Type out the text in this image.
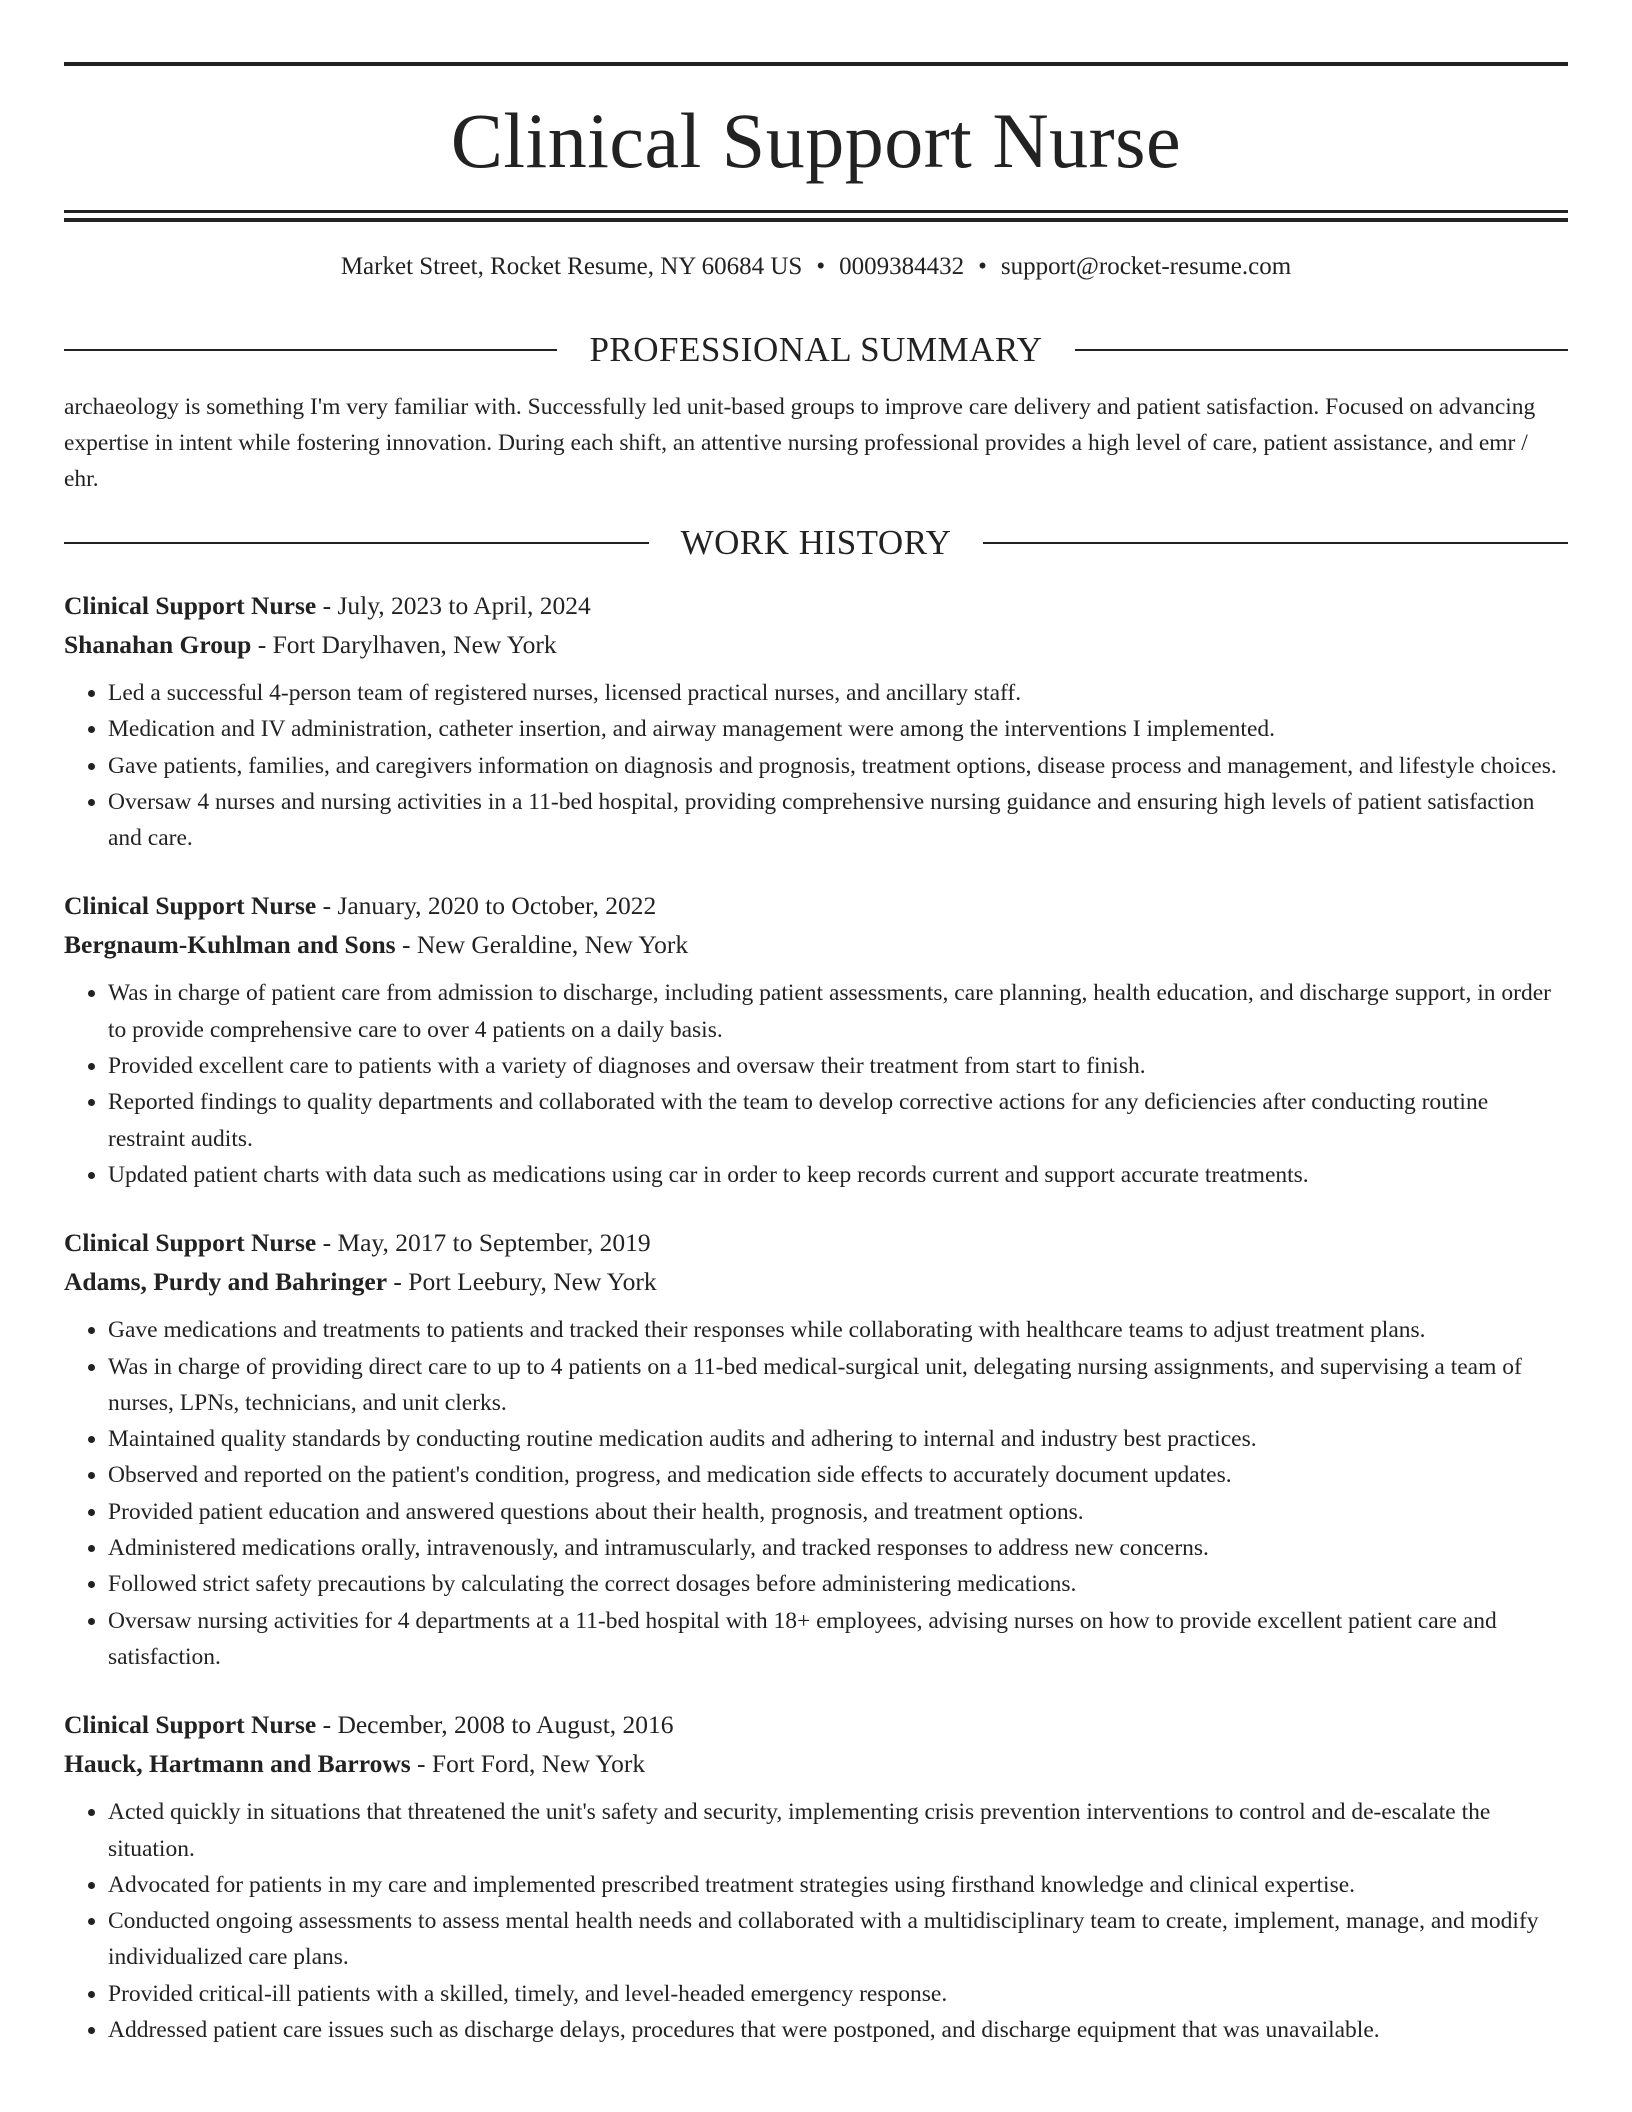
Clinical Support Nurse
Market Street, Rocket Resume, NY 60684 US • 0009384432 • support@rocket-resume.com
PROFESSIONAL SUMMARY

archaeology is something I'm very familiar with. Successfully led unit-based groups to improve care delivery and patient satisfaction. Focused on advancing expertise in intent while fostering innovation. During each shift, an attentive nursing professional provides a high level of care, patient assistance, and emr / ehr.

WORK HISTORY
Clinical Support Nurse - July, 2023 to April, 2024
Shanahan Group - Fort Darylhaven, New York
• Led a successful 4-person team of registered nurses, licensed practical nurses, and ancillary staff.
• Medication and IV administration, catheter insertion, and airway management were among the interventions I implemented.
• Gave patients, families, and caregivers information on diagnosis and prognosis, treatment options, disease process and management, and lifestyle choices.
• Oversaw 4 nurses and nursing activities in a 11-bed hospital, providing comprehensive nursing guidance and ensuring high levels of patient satisfaction and care.
Clinical Support Nurse - January, 2020 to October, 2022
Bergnaum-Kuhlman and Sons - New Geraldine, New York
• Was in charge of patient care from admission to discharge, including patient assessments, care planning, health education, and discharge support, in order to provide comprehensive care to over 4 patients on a daily basis.
• Provided excellent care to patients with a variety of diagnoses and oversaw their treatment from start to finish.
• Reported findings to quality departments and collaborated with the team to develop corrective actions for any deficiencies after conducting routine restraint audits.
• Updated patient charts with data such as medications using car in order to keep records current and support accurate treatments.
Clinical Support Nurse - May, 2017 to September, 2019
Adams, Purdy and Bahringer - Port Leebury, New York
• Gave medications and treatments to patients and tracked their responses while collaborating with healthcare teams to adjust treatment plans.
• Was in charge of providing direct care to up to 4 patients on a 11-bed medical-surgical unit, delegating nursing assignments, and supervising a team of nurses, LPNs, technicians, and unit clerks.
• Maintained quality standards by conducting routine medication audits and adhering to internal and industry best practices.
• Observed and reported on the patient's condition, progress, and medication side effects to accurately document updates.
• Provided patient education and answered questions about their health, prognosis, and treatment options.
• Administered medications orally, intravenously, and intramuscularly, and tracked responses to address new concerns.
• Followed strict safety precautions by calculating the correct dosages before administering medications.
• Oversaw nursing activities for 4 departments at a 11-bed hospital with 18+ employees, advising nurses on how to provide excellent patient care and satisfaction.
Clinical Support Nurse - December, 2008 to August, 2016
Hauck, Hartmann and Barrows - Fort Ford, New York
• Acted quickly in situations that threatened the unit's safety and security, implementing crisis prevention interventions to control and de-escalate the situation.
• Advocated for patients in my care and implemented prescribed treatment strategies using firsthand knowledge and clinical expertise.
• Conducted ongoing assessments to assess mental health needs and collaborated with a multidisciplinary team to create, implement, manage, and modify individualized care plans.
• Provided critical-ill patients with a skilled, timely, and level-headed emergency response.
• Addressed patient care issues such as discharge delays, procedures that were postponed, and discharge equipment that was unavailable.
